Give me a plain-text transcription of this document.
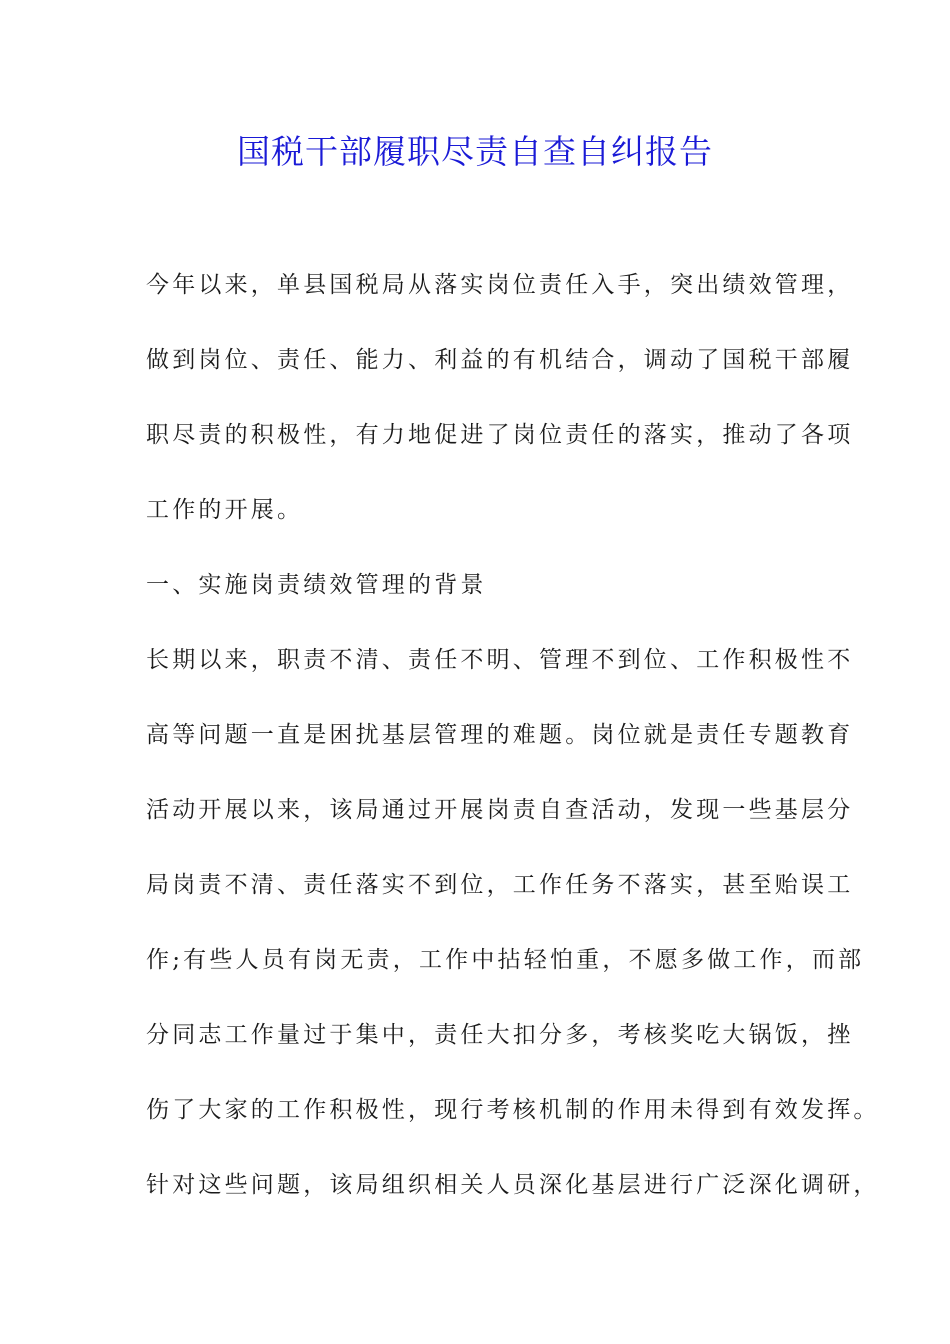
国税干部履职尽责自查自纠报告
今年以来，单县国税局从落实岗位责任入手，突出绩效管理，
做到岗位、责任、能力、利益的有机结合，调动了国税干部履
职尽责的积极性，有力地促进了岗位责任的落实，推动了各项
工作的开展。
一、实施岗责绩效管理的背景
长期以来，职责不清、责任不明、管理不到位、工作积极性不
高等问题一直是困扰基层管理的难题。岗位就是责任专题教育
活动开展以来，该局通过开展岗责自查活动，发现一些基层分
局岗责不清、责任落实不到位，工作任务不落实，甚至贻误工
作;有些人员有岗无责，工作中拈轻怕重，不愿多做工作，而部
分同志工作量过于集中，责任大扣分多，考核奖吃大锅饭，挫
伤了大家的工作积极性，现行考核机制的作用未得到有效发挥。
针对这些问题，该局组织相关人员深化基层进行广泛深化调研，
